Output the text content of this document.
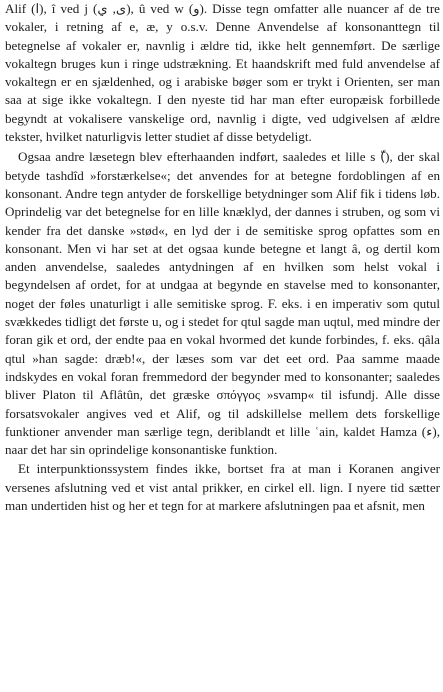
Alif (ا), î ved j (ى, ي), û ved w (و). Disse tegn omfatter alle nuancer af de tre vokaler, i retning af e, æ, y o.s.v. Denne Anvendelse af konsonanttegn til betegnelse af vokaler er, navnlig i ældre tid, ikke helt gennemført. De særlige vokaltegn bruges kun i ringe udstrækning. Et haandskrift med fuld anvendelse af vokaltegn er en sjældenhed, og i arabiske bøger som er trykt i Orienten, ser man saa at sige ikke vokaltegn. I den nyeste tid har man efter europæisk forbillede begyndt at vokalisere vanskelige ord, navnlig i digte, ved udgivelsen af ældre tekster, hvilket naturligvis letter studiet af disse betydeligt.

Ogsaa andre læsetegn blev efterhaanden indført, saaledes et lille s (ّ), der skal betyde tashdîd »forstærkelse«; det anvendes for at betegne fordoblingen af en konsonant. Andre tegn antyder de forskellige betydninger som Alif fik i tidens løb. Oprindelig var det betegnelse for en lille knæklyd, der dannes i struben, og som vi kender fra det danske »stød«, en lyd der i de semitiske sprog opfattes som en konsonant. Men vi har set at det ogsaa kunde betegne et langt â, og dertil kom anden anvendelse, saaledes antydningen af en hvilken som helst vokal i begyndelsen af ordet, for at undgaa at begynde en stavelse med to konsonanter, noget der føles unaturligt i alle semitiske sprog. F. eks. i en imperativ som qutul svækkedes tidligt det første u, og i stedet for qtul sagde man uqtul, med mindre der foran gik et ord, der endte paa en vokal hvormed det kunde forbindes, f. eks. qâla qtul »han sagde: dræb!«, der læses som var det eet ord. Paa samme maade indskydes en vokal foran fremmedord der begynder med to konsonanter; saaledes bliver Platon til Aflâtûn, det græske σπόγγος »svamp« til isfundj. Alle disse forsatsvokaler angives ved et Alif, og til adskillelse mellem dets forskellige funktioner anvender man særlige tegn, deriblandt et lille ʿain, kaldet Hamza (ء), naar det har sin oprindelige konsonantiske funktion.

Et interpunktionssystem findes ikke, bortset fra at man i Koranen angiver versenes afslutning ved et vist antal prikker, en cirkel ell. lign. I nyere tid sætter man undertiden hist og her et tegn for at markere afslutningen paa et afsnit, men
